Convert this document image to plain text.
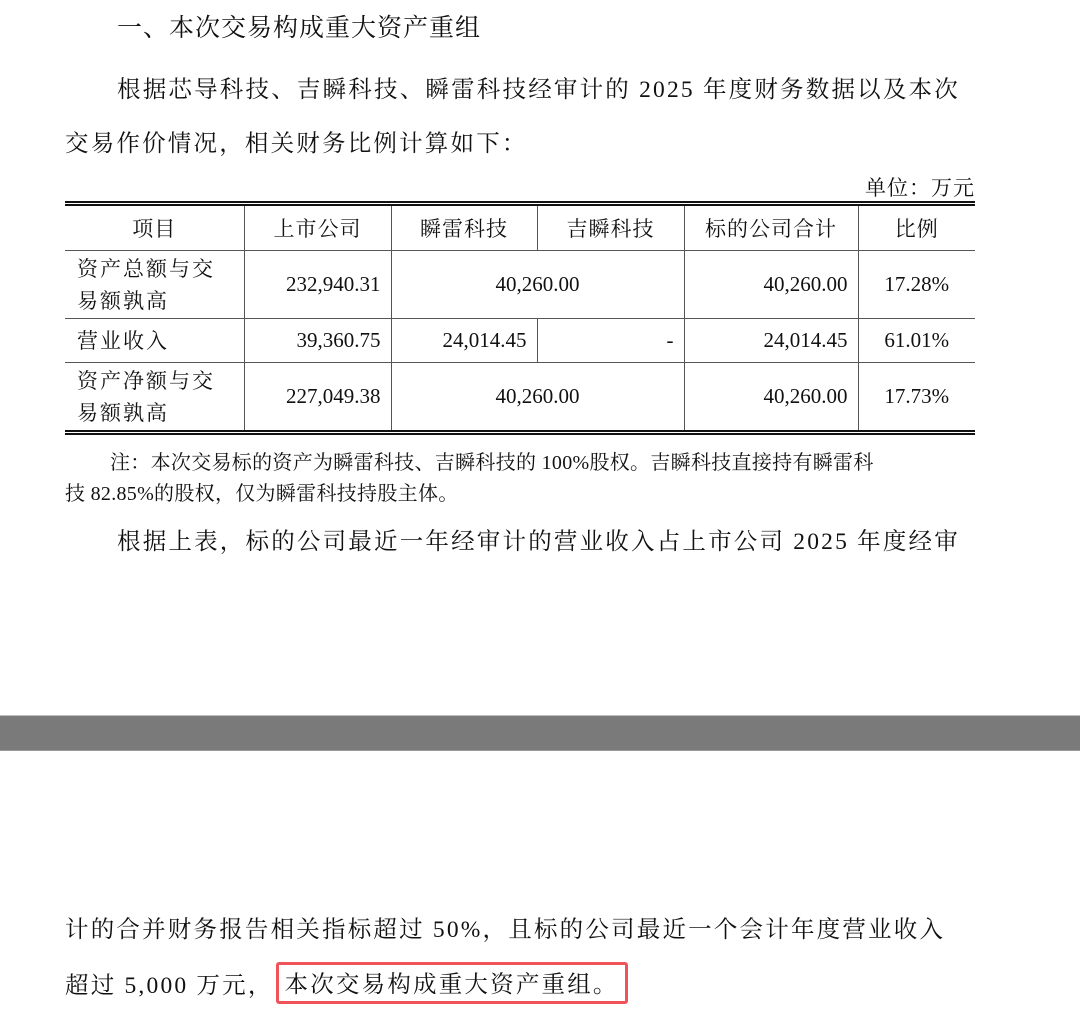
一、本次交易构成重大资产重组
根据芯导科技、吉瞬科技、瞬雷科技经审计的 2025 年度财务数据以及本次
交易作价情况，相关财务比例计算如下：
单位：万元
项目	上市公司	瞬雷科技	吉瞬科技	标的公司合计	比例

资产总额与交
易额孰高	232,940.31	40,260.00		40,260.00	17.28%
营业收入	39,360.75	24,014.45	-	24,014.45	61.01%

资产净额与交
易额孰高	227,049.38	40,260.00		40,260.00	17.73%
注：本次交易标的资产为瞬雷科技、吉瞬科技的 100%股权。吉瞬科技直接持有瞬雷科
技 82.85%的股权，仅为瞬雷科技持股主体。
根据上表，标的公司最近一年经审计的营业收入占上市公司 2025 年度经审
计的合并财务报告相关指标超过 50%，且标的公司最近一个会计年度营业收入
超过 5,000 万元， 本次交易构成重大资产重组。
